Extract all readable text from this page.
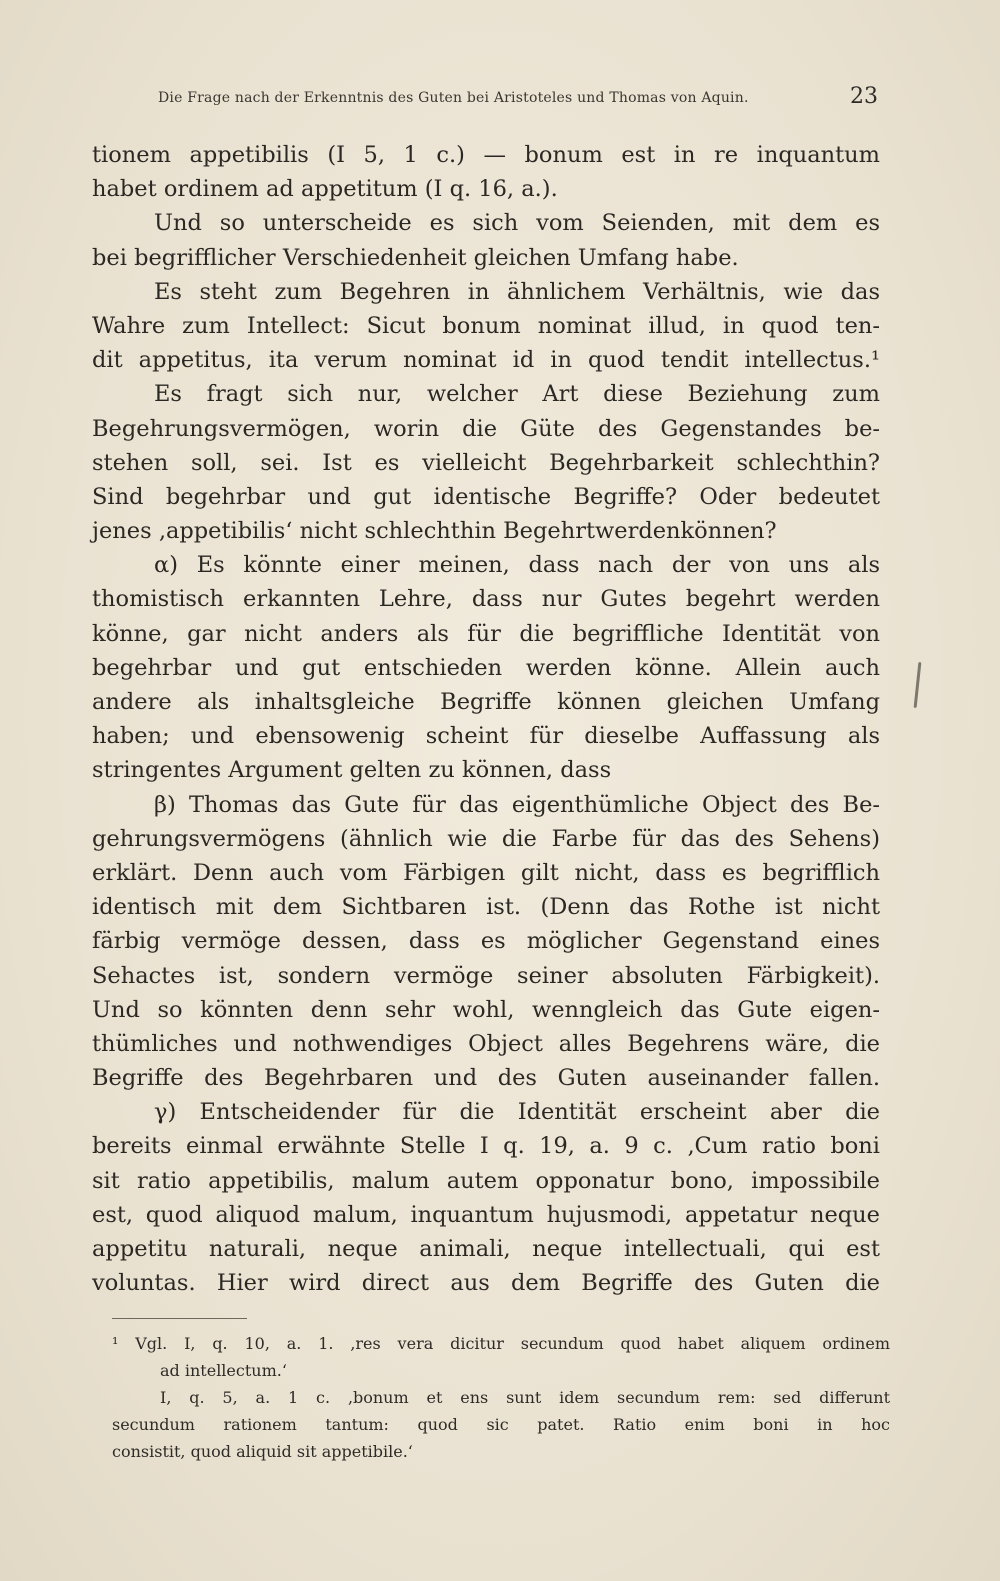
Die Frage nach der Erkenntnis des Guten bei Aristoteles und Thomas von Aquin.	23
tionem appetibilis (I 5, 1 c.) — bonum est in re inquantum
habet ordinem ad appetitum (I q. 16, a.).
Und so unterscheide es sich vom Seienden, mit dem es
bei begrifflicher Verschiedenheit gleichen Umfang habe.
Es steht zum Begehren in ähnlichem Verhältnis, wie das
Wahre zum Intellect: Sicut bonum nominat illud, in quod ten-
dit appetitus, ita verum nominat id in quod tendit intellectus.¹
Es fragt sich nur, welcher Art diese Beziehung zum
Begehrungsvermögen, worin die Güte des Gegenstandes be-
stehen soll, sei. Ist es vielleicht Begehrbarkeit schlechthin?
Sind begehrbar und gut identische Begriffe? Oder bedeutet
jenes ‚appetibilis‘ nicht schlechthin Begehrtwerdenkönnen?
α) Es könnte einer meinen, dass nach der von uns als
thomistisch erkannten Lehre, dass nur Gutes begehrt werden
könne, gar nicht anders als für die begriffliche Identität von
begehrbar und gut entschieden werden könne. Allein auch
andere als inhaltsgleiche Begriffe können gleichen Umfang
haben; und ebensowenig scheint für dieselbe Auffassung als
stringentes Argument gelten zu können, dass
β) Thomas das Gute für das eigenthümliche Object des Be-
gehrungsvermögens (ähnlich wie die Farbe für das des Sehens)
erklärt. Denn auch vom Färbigen gilt nicht, dass es begrifflich
identisch mit dem Sichtbaren ist. (Denn das Rothe ist nicht
färbig vermöge dessen, dass es möglicher Gegenstand eines
Sehactes ist, sondern vermöge seiner absoluten Färbigkeit).
Und so könnten denn sehr wohl, wenngleich das Gute eigen-
thümliches und nothwendiges Object alles Begehrens wäre, die
Begriffe des Begehrbaren und des Guten auseinander fallen.
γ) Entscheidender für die Identität erscheint aber die
bereits einmal erwähnte Stelle I q. 19, a. 9 c. ‚Cum ratio boni
sit ratio appetibilis, malum autem opponatur bono, impossibile
est, quod aliquod malum, inquantum hujusmodi, appetatur neque
appetitu naturali, neque animali, neque intellectuali, qui est
voluntas. Hier wird direct aus dem Begriffe des Guten die
¹ Vgl. I, q. 10, a. 1. ‚res vera dicitur secundum quod habet aliquem ordinem
ad intellectum.‘
I, q. 5, a. 1 c. ‚bonum et ens sunt idem secundum rem: sed differunt
secundum rationem tantum: quod sic patet. Ratio enim boni in hoc
consistit, quod aliquid sit appetibile.‘
